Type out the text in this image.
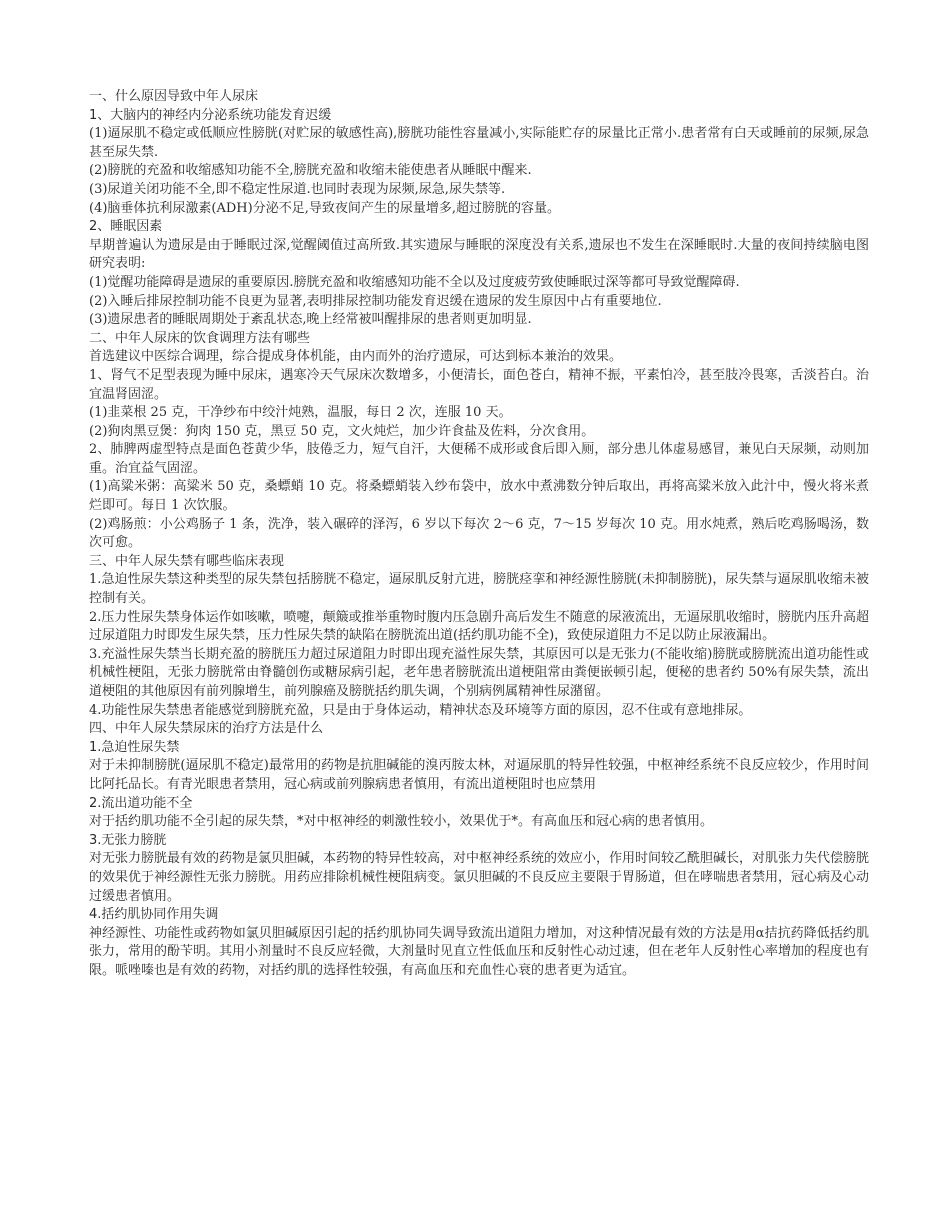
一、什么原因导致中年人尿床
1、大脑内的神经内分泌系统功能发育迟缓
(1)逼尿肌不稳定或低顺应性膀胱(对贮尿的敏感性高),膀胱功能性容量减小,实际能贮存的尿量比正常小.患者常有白天或睡前的尿频,尿急甚至尿失禁.
(2)膀胱的充盈和收缩感知功能不全,膀胱充盈和收缩未能使患者从睡眠中醒来.
(3)尿道关闭功能不全,即不稳定性尿道.也同时表现为尿频,尿急,尿失禁等.
(4)脑垂体抗利尿激素(ADH)分泌不足,导致夜间产生的尿量增多,超过膀胱的容量。
2、睡眠因素
早期普遍认为遗尿是由于睡眠过深,觉醒阈值过高所致.其实遗尿与睡眠的深度没有关系,遗尿也不发生在深睡眠时.大量的夜间持续脑电图研究表明:
(1)觉醒功能障碍是遗尿的重要原因.膀胱充盈和收缩感知功能不全以及过度疲劳致使睡眠过深等都可导致觉醒障碍.
(2)入睡后排尿控制功能不良更为显著,表明排尿控制功能发育迟缓在遗尿的发生原因中占有重要地位.
(3)遗尿患者的睡眠周期处于紊乱状态,晚上经常被叫醒排尿的患者则更加明显.
二、中年人尿床的饮食调理方法有哪些
首选建议中医综合调理，综合提成身体机能，由内而外的治疗遗尿，可达到标本兼治的效果。
1、肾气不足型表现为睡中尿床，遇寒冷天气尿床次数增多，小便清长，面色苍白，精神不振，平素怕冷，甚至肢冷畏寒，舌淡苔白。治宜温肾固涩。
(1)韭菜根 25 克，干净纱布中绞汁炖熟，温服，每日 2 次，连服 10 天。
(2)狗肉黑豆煲：狗肉 150 克，黑豆 50 克，文火炖烂，加少许食盐及佐料，分次食用。
2、肺脾两虚型特点是面色苍黄少华，肢倦乏力，短气自汗，大便稀不成形或食后即入厕，部分患儿体虚易感冒，兼见白天尿频，动则加重。治宜益气固涩。
(1)高粱米粥：高粱米 50 克，桑螵蛸 10 克。将桑螵蛸装入纱布袋中，放水中煮沸数分钟后取出，再将高粱米放入此汁中，慢火将米煮烂即可。每日 1 次饮服。
(2)鸡肠煎：小公鸡肠子 1 条，洗净，装入碾碎的泽泻，6 岁以下每次 2～6 克，7～15 岁每次 10 克。用水炖煮，熟后吃鸡肠喝汤，数次可愈。
三、中年人尿失禁有哪些临床表现
1.急迫性尿失禁这种类型的尿失禁包括膀胱不稳定，逼尿肌反射亢进，膀胱痉挛和神经源性膀胱(未抑制膀胱)，尿失禁与逼尿肌收缩未被控制有关。
2.压力性尿失禁身体运作如咳嗽，喷嚏，颠簸或推举重物时腹内压急剧升高后发生不随意的尿液流出，无逼尿肌收缩时，膀胱内压升高超过尿道阻力时即发生尿失禁，压力性尿失禁的缺陷在膀胱流出道(括约肌功能不全)，致使尿道阻力不足以防止尿液漏出。
3.充溢性尿失禁当长期充盈的膀胱压力超过尿道阻力时即出现充溢性尿失禁，其原因可以是无张力(不能收缩)膀胱或膀胱流出道功能性或机械性梗阻，无张力膀胱常由脊髓创伤或糖尿病引起，老年患者膀胱流出道梗阻常由粪便嵌顿引起，便秘的患者约 50%有尿失禁，流出道梗阻的其他原因有前列腺增生，前列腺癌及膀胱括约肌失调，个别病例属精神性尿潴留。
4.功能性尿失禁患者能感觉到膀胱充盈，只是由于身体运动，精神状态及环境等方面的原因，忍不住或有意地排尿。
四、中年人尿失禁尿床的治疗方法是什么
1.急迫性尿失禁
对于未抑制膀胱(逼尿肌不稳定)最常用的药物是抗胆碱能的溴丙胺太林，对逼尿肌的特异性较强，中枢神经系统不良反应较少，作用时间比阿托品长。有青光眼患者禁用，冠心病或前列腺病患者慎用，有流出道梗阻时也应禁用
2.流出道功能不全
对于括约肌功能不全引起的尿失禁，*对中枢神经的刺激性较小，效果优于*。有高血压和冠心病的患者慎用。
3.无张力膀胱
对无张力膀胱最有效的药物是氯贝胆碱，本药物的特异性较高，对中枢神经系统的效应小，作用时间较乙酰胆碱长，对肌张力失代偿膀胱的效果优于神经源性无张力膀胱。用药应排除机械性梗阻病变。氯贝胆碱的不良反应主要限于胃肠道，但在哮喘患者禁用，冠心病及心动过缓患者慎用。
4.括约肌协同作用失调
神经源性、功能性或药物如氯贝胆碱原因引起的括约肌协同失调导致流出道阻力增加，对这种情况最有效的方法是用α拮抗药降低括约肌张力，常用的酚苄明。其用小剂量时不良反应轻微，大剂量时见直立性低血压和反射性心动过速，但在老年人反射性心率增加的程度也有限。哌唑嗪也是有效的药物，对括约肌的选择性较强，有高血压和充血性心衰的患者更为适宜。
